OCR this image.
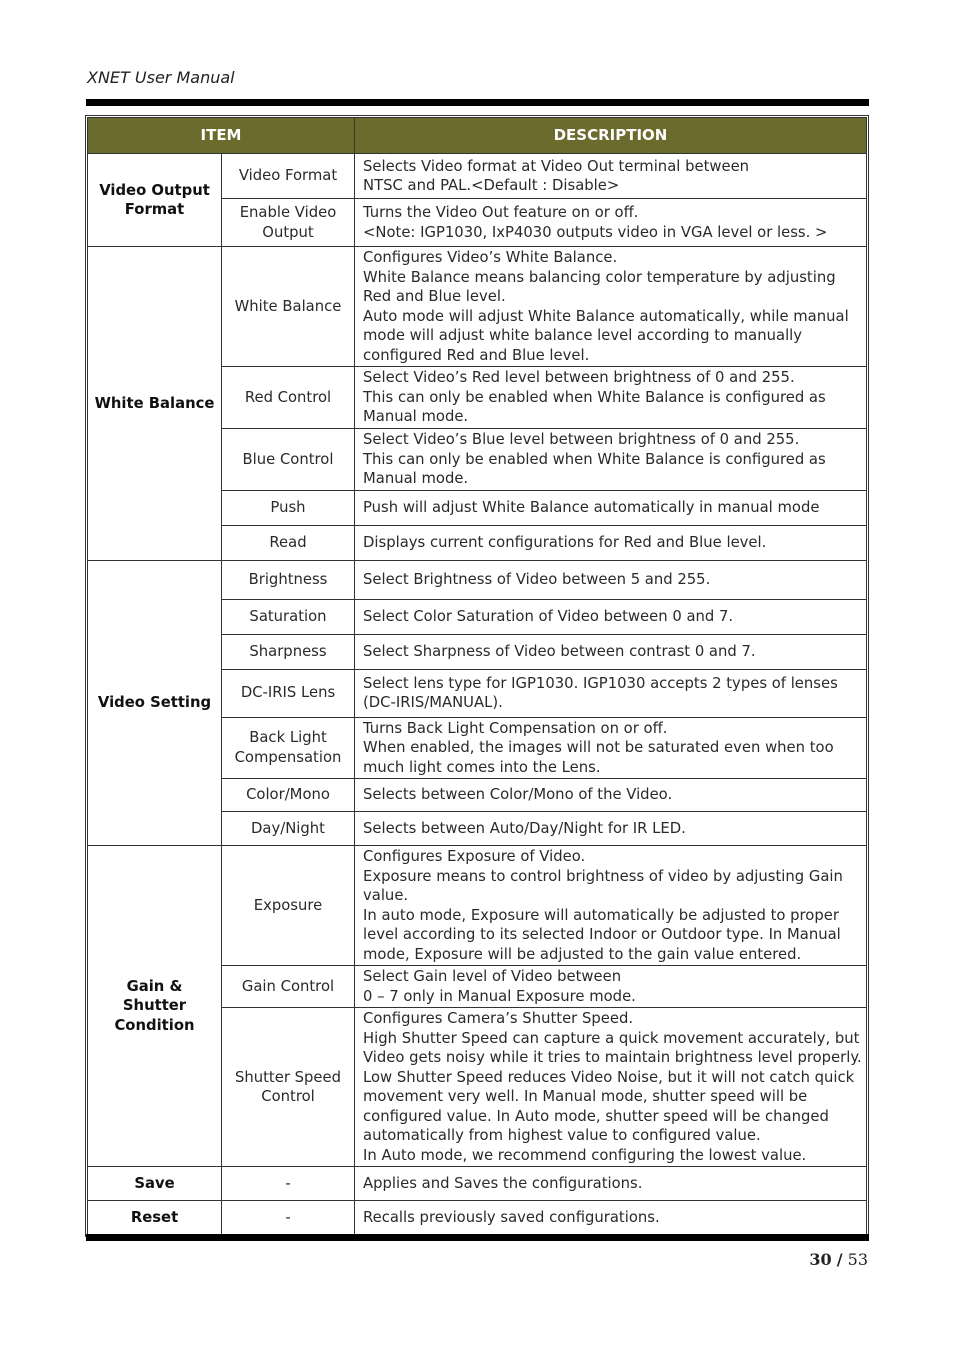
XNET User Manual
ITEM		DESCRIPTION
Video Output Format	Video Format	Selects Video format at Video Out terminal between
NTSC and PAL.<Default : Disable>

	Enable Video Output	Turns the Video Out feature on or off.
<Note: IGP1030, IxP4030 outputs video in VGA level or less. >

White Balance	White Balance	Configures Video’s White Balance.
White Balance means balancing color temperature by adjusting Red and Blue level.
Auto mode will adjust White Balance automatically, while manual mode will adjust white balance level according to manually configured Red and Blue level.

	Red Control	Select Video’s Red level between brightness of 0 and 255.
This can only be enabled when White Balance is configured as Manual mode.

	Blue Control	Select Video’s Blue level between brightness of 0 and 255.
This can only be enabled when White Balance is configured as Manual mode.

	Push	Push will adjust White Balance automatically in manual mode

	Read	Displays current configurations for Red and Blue level.

Video Setting	Brightness	Select Brightness of Video between 5 and 255.

	Saturation	Select Color Saturation of Video between 0 and 7.

	Sharpness	Select Sharpness of Video between contrast 0 and 7.

	DC-IRIS Lens	Select lens type for IGP1030. IGP1030 accepts 2 types of lenses (DC-IRIS/MANUAL).

	Back Light Compensation	Turns Back Light Compensation on or off.
When enabled, the images will not be saturated even when too much light comes into the Lens.

	Color/Mono	Selects between Color/Mono of the Video.

	Day/Night	Selects between Auto/Day/Night for IR LED.

Gain & Shutter Condition	Exposure	Configures Exposure of Video.
Exposure means to control brightness of video by adjusting Gain value.
In auto mode, Exposure will automatically be adjusted to proper level according to its selected Indoor or Outdoor type. In Manual mode, Exposure will be adjusted to the gain value entered.

	Gain Control	Select Gain level of Video between
0 – 7 only in Manual Exposure mode.

	Shutter Speed Control	Configures Camera’s Shutter Speed.
High Shutter Speed can capture a quick movement accurately, but Video gets noisy while it tries to maintain brightness level properly. Low Shutter Speed reduces Video Noise, but it will not catch quick movement very well. In Manual mode, shutter speed will be configured value. In Auto mode, shutter speed will be changed automatically from highest value to configured value.
In Auto mode, we recommend configuring the lowest value.

Save	-	Applies and Saves the configurations.

Reset	-	Recalls previously saved configurations.
30 / 53
